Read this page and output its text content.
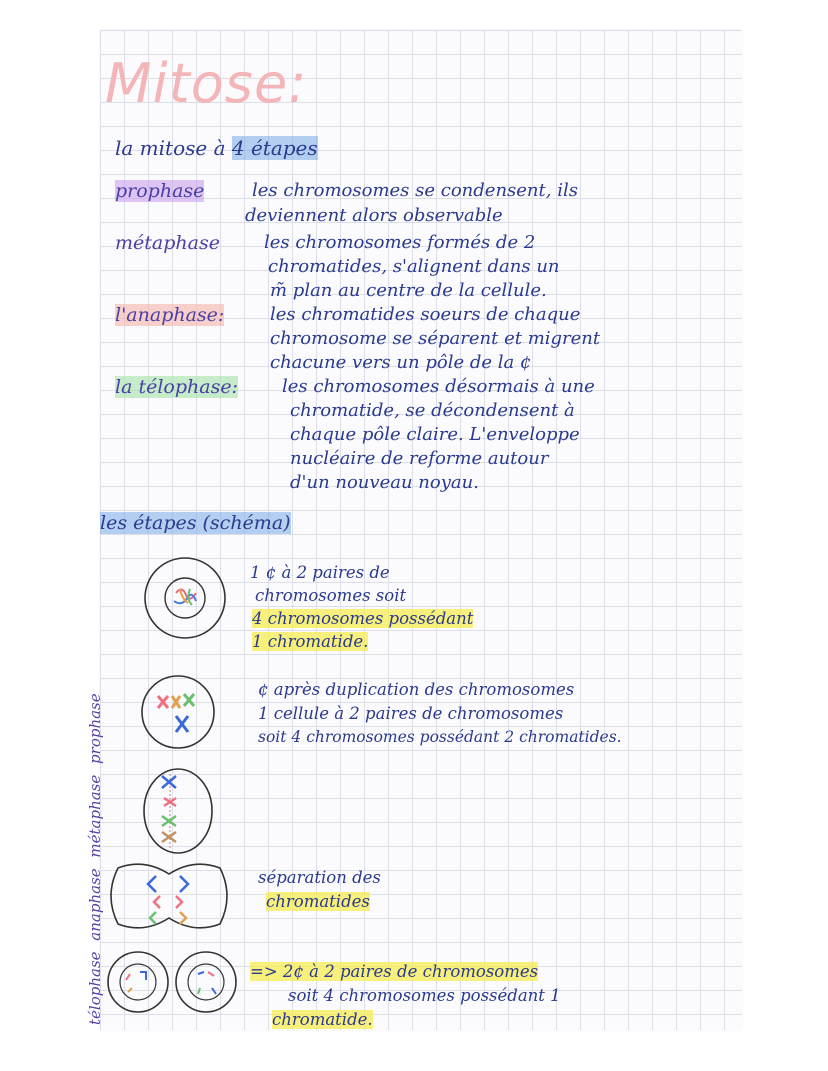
Mitose:
la mitose à 4 étapes
prophase	les chromosomes se condensent, ils
deviennent alors observable
métaphase les chromosomes formés de 2
chromatides, s'alignent dans un
m̃ plan au centre de la cellule.
l'anaphase:	les chromatides soeurs de chaque
chromosome se séparent et migrent
chacune vers un pôle de la ¢
la télophase: les chromosomes désormais à une
chromatide, se décondensent à
chaque pôle claire. L'enveloppe
nucléaire de reforme autour
d'un nouveau noyau.
les étapes (schéma)
télophase anaphase métaphase prophase
1 ¢ à 2 paires de
chromosomes soit
4 chromosomes possédant
1 chromatide.
¢ après duplication des chromosomes
1 cellule à 2 paires de chromosomes
soit 4 chromosomes possédant 2 chromatides.
séparation des
chromatides
=> 2¢ à 2 paires de chromosomes
soit 4 chromosomes possédant 1
chromatide.
